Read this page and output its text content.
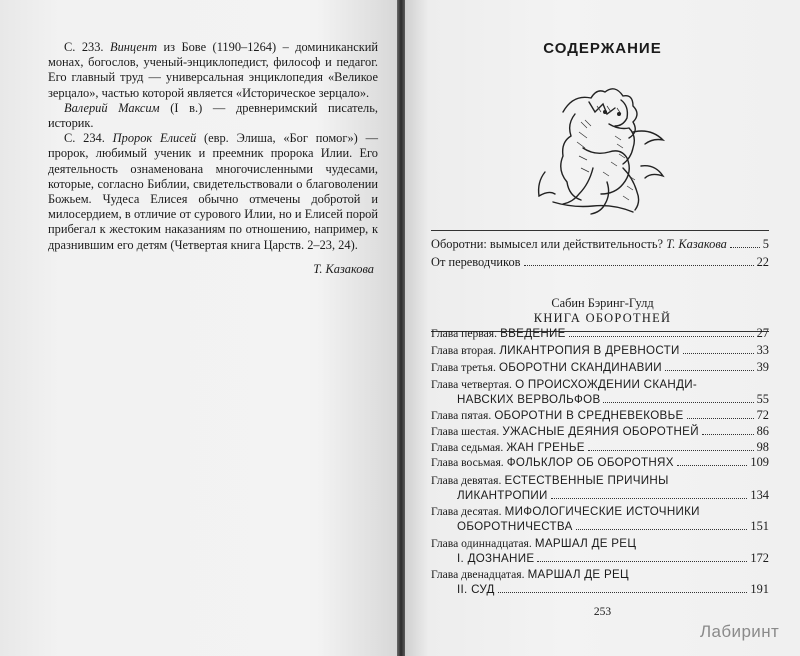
С. 233. Винцент из Бове (1190–1264) – доминиканский монах, богослов, ученый-энциклопедист, философ и педагог. Его главный труд — универсальная энциклопедия «Великое зерцало», частью которой является «Историческое зерцало».

Валерий Максим (I в.) — древнеримский писатель, историк.

С. 234. Пророк Елисей (евр. Элиша, «Бог помог») — пророк, любимый ученик и преемник пророка Илии. Его деятельность ознаменована многочисленными чудесами, которые, согласно Библии, свидетельствовали о благоволении Божьем. Чудеса Елисея обычно отмечены добротой и милосердием, в отличие от сурового Илии, но и Елисей порой прибегал к жестоким наказаниям по отношению, например, к дразнившим его детям (Четвертая книга Царств. 2–23, 24).

Т. Казакова
СОДЕРЖАНИЕ
Оборотни: вымысел или действительность? Т. Казакова	5
От переводчиков	22
Сабин Бэринг-Гулд
КНИГА ОБОРОТНЕЙ
Глава первая. ВВЕДЕНИЕ	27
Глава вторая. ЛИКАНТРОПИЯ В ДРЕВНОСТИ	33
Глава третья. ОБОРОТНИ СКАНДИНАВИИ	39
Глава четвертая. О ПРОИСХОЖДЕНИИ СКАНДИ-
НАВСКИХ ВЕРВОЛЬФОВ	55
Глава пятая. ОБОРОТНИ В СРЕДНЕВЕКОВЬЕ	72
Глава шестая. УЖАСНЫЕ ДЕЯНИЯ ОБОРОТНЕЙ	86
Глава седьмая. ЖАН ГРЕНЬЕ	98
Глава восьмая. ФОЛЬКЛОР ОБ ОБОРОТНЯХ	109
Глава девятая. ЕСТЕСТВЕННЫЕ ПРИЧИНЫ
ЛИКАНТРОПИИ	134
Глава десятая. МИФОЛОГИЧЕСКИЕ ИСТОЧНИКИ
ОБОРОТНИЧЕСТВА	151
Глава одиннадцатая. МАРШАЛ ДЕ РЕЦ
I. ДОЗНАНИЕ	172
Глава двенадцатая. МАРШАЛ ДЕ РЕЦ
II. СУД	191
253
Лабиринт
